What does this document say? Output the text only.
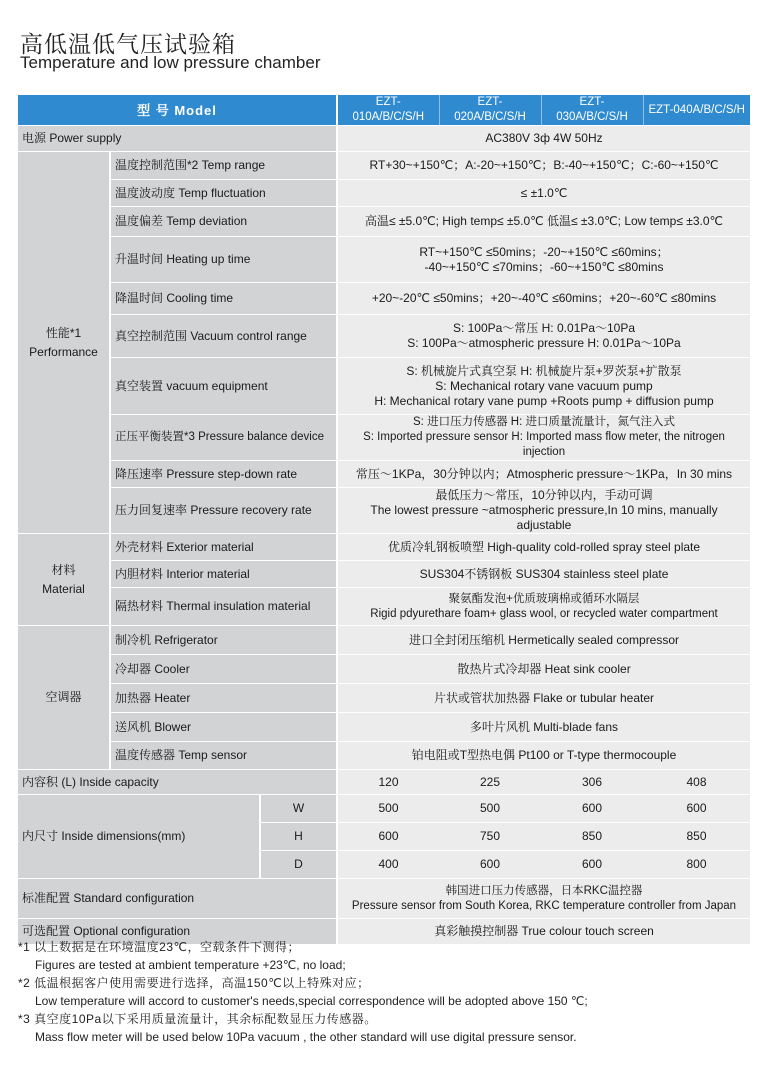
高低温低气压试验箱
Temperature and low pressure chamber
型 号 Model			EZT-010A/B/C/S/H	EZT-020A/B/C/S/H	EZT-030A/B/C/S/H	EZT-040A/B/C/S/H
电源 Power supply			AC380V 3ф 4W 50Hz			

性能*1
Performance	温度控制范围*2 Temp range		RT+30~+150℃；A:-20~+150℃；B:-40~+150℃；C:-60~+150℃			
	温度波动度 Temp fluctuation		≤ ±1.0℃			
	温度偏差 Temp deviation		高温≤ ±5.0℃; High temp≤ ±5.0℃ 低温≤ ±3.0℃; Low temp≤ ±3.0℃			
	升温时间 Heating up time		RT~+150℃ ≤50mins；-20~+150℃ ≤60mins；
-40~+150℃ ≤70mins；-60~+150℃ ≤80mins			

	降温时间 Cooling time		+20~-20℃ ≤50mins；+20~-40℃ ≤60mins；+20~-60℃ ≤80mins			
	真空控制范围 Vacuum control range		S: 100Pa～常压 H: 0.01Pa～10Pa
S: 100Pa～atmospheric pressure H: 0.01Pa～10Pa			

	真空装置 vacuum equipment		S: 机械旋片式真空泵 H: 机械旋片泵+罗茨泵+扩散泵
S: Mechanical rotary vane vacuum pump
H: Mechanical rotary vane pump +Roots pump + diffusion pump			

	正压平衡装置*3 Pressure balance device		S: 进口压力传感器 H: 进口质量流量计，氮气注入式
S: Imported pressure sensor H: Imported mass flow meter, the nitrogen injection			

	降压速率 Pressure step-down rate		常压～1KPa，30分钟以内；Atmospheric pressure～1KPa，In 30 mins			
	压力回复速率 Pressure recovery rate		最低压力～常压，10分钟以内，手动可调
The lowest pressure ~atmospheric pressure,In 10 mins, manually adjustable			

材料
Material	外壳材料 Exterior material		优质冷轧钢板喷塑 High-quality cold-rolled spray steel plate			
	内胆材料 Interior material		SUS304不锈钢板 SUS304 stainless steel plate			
	隔热材料 Thermal insulation material		聚氨酯发泡+优质玻璃棉或循环水隔层
Rigid pdyurethare foam+ glass wool, or recycled water compartment			

空调器	制冷机 Refrigerator		进口全封闭压缩机 Hermetically sealed compressor			
	冷却器 Cooler		散热片式冷却器 Heat sink cooler			
	加热器 Heater		片状或管状加热器 Flake or tubular heater			
	送风机 Blower		多叶片风机 Multi-blade fans			
	温度传感器 Temp sensor		铂电阻或T型热电偶 Pt100 or T-type thermocouple			
内容积 (L) Inside capacity			120	225	306	408
内尺寸 Inside dimensions(mm)		W	500	500	600	600
		H	600	750	850	850
		D	400	600	600	800
标准配置 Standard configuration			韩国进口压力传感器，日本RKC温控器
Pressure sensor from South Korea, RKC temperature controller from Japan			

可选配置 Optional configuration			真彩触摸控制器 True colour touch screen			
*1 以上数据是在环境温度23℃，空载条件下测得；
Figures are tested at ambient temperature +23℃, no load;
*2 低温根据客户使用需要进行选择，高温150℃以上特殊对应；
Low temperature will accord to customer's needs,special correspondence will be adopted above 150 ℃;
*3 真空度10Pa以下采用质量流量计，其余标配数显压力传感器。
Mass flow meter will be used below 10Pa vacuum , the other standard will use digital pressure sensor.
